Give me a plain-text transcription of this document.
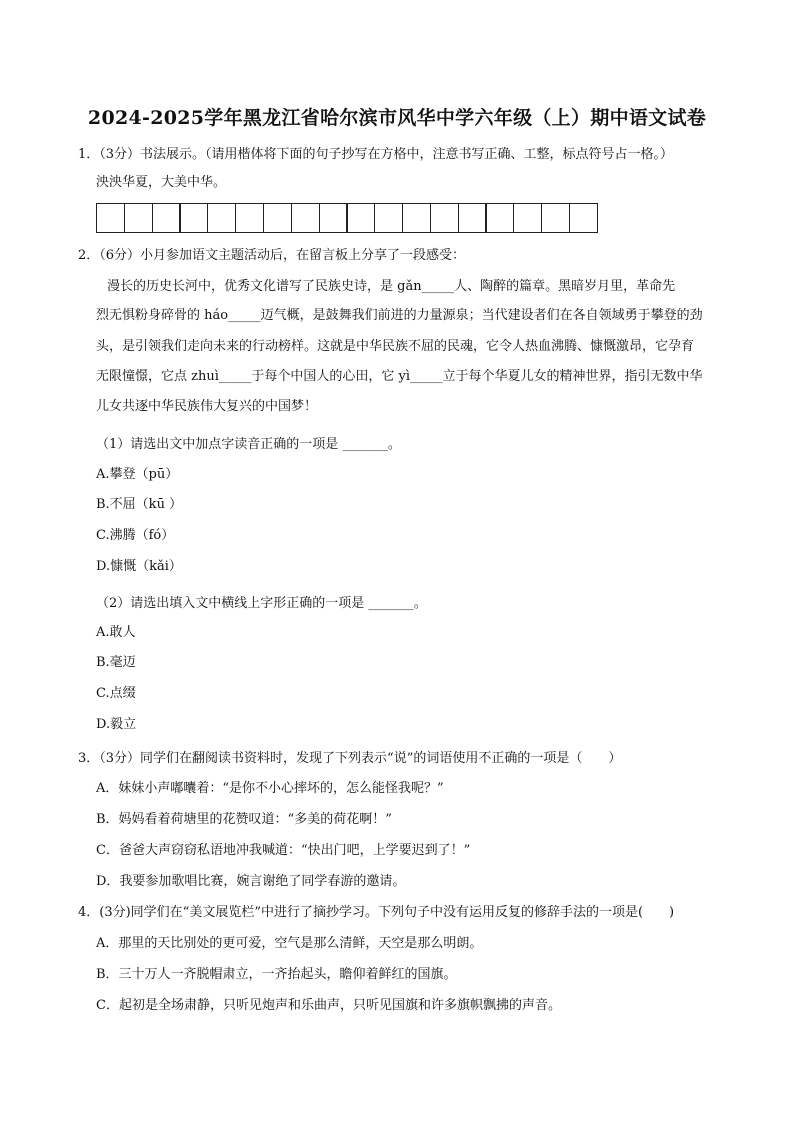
2024-2025学年黑龙江省哈尔滨市风华中学六年级（上）期中语文试卷
1．（3分）书法展示。（请用楷体将下面的句子抄写在方格中，注意书写正确、工整，标点符号占一格。）
泱泱华夏，大美中华。
2．（6分）小月参加语文主题活动后，在留言板上分享了一段感受：
漫长的历史长河中，优秀文化谱写了民族史诗，是 gǎn_____人、陶醉的篇章。黑暗岁月里，革命先
烈无惧粉身碎骨的 háo_____迈气概，是鼓舞我们前进的力量源泉；当代建设者们在各自领域勇于攀登的劲
头，是引领我们走向未来的行动榜样。这就是中华民族不屈的民魂，它令人热血沸腾、慷慨激昂，它孕育
无限憧憬，它点 zhuì_____于每个中国人的心田，它 yì_____立于每个华夏儿女的精神世界，指引无数中华
儿女共逐中华民族伟大复兴的中国梦！
（1）请选出文中加点字读音正确的一项是 _______。
A.攀登（pū）
B.不屈（kū ）
C.沸腾（fó）
D.慷慨（kǎi）
（2）请选出填入文中横线上字形正确的一项是 _______。
A.敢人
B.毫迈
C.点缀
D.毅立
3．（3分）同学们在翻阅读书资料时，发现了下列表示“说”的词语使用不正确的一项是（　　）
A．妹妹小声嘟囔着：“是你不小心摔坏的，怎么能怪我呢？”
B．妈妈看着荷塘里的花赞叹道：“多美的荷花啊！”
C．爸爸大声窃窃私语地冲我喊道：“快出门吧，上学要迟到了！”
D．我要参加歌唱比赛，婉言谢绝了同学春游的邀请。
4．(3分)同学们在“美文展览栏”中进行了摘抄学习。下列句子中没有运用反复的修辞手法的一项是(　　)
A．那里的天比别处的更可爱，空气是那么清鲜，天空是那么明朗。
B．三十万人一齐脱帽肃立，一齐抬起头，瞻仰着鲜红的国旗。
C．起初是全场肃静，只听见炮声和乐曲声，只听见国旗和许多旗帜飘拂的声音。
